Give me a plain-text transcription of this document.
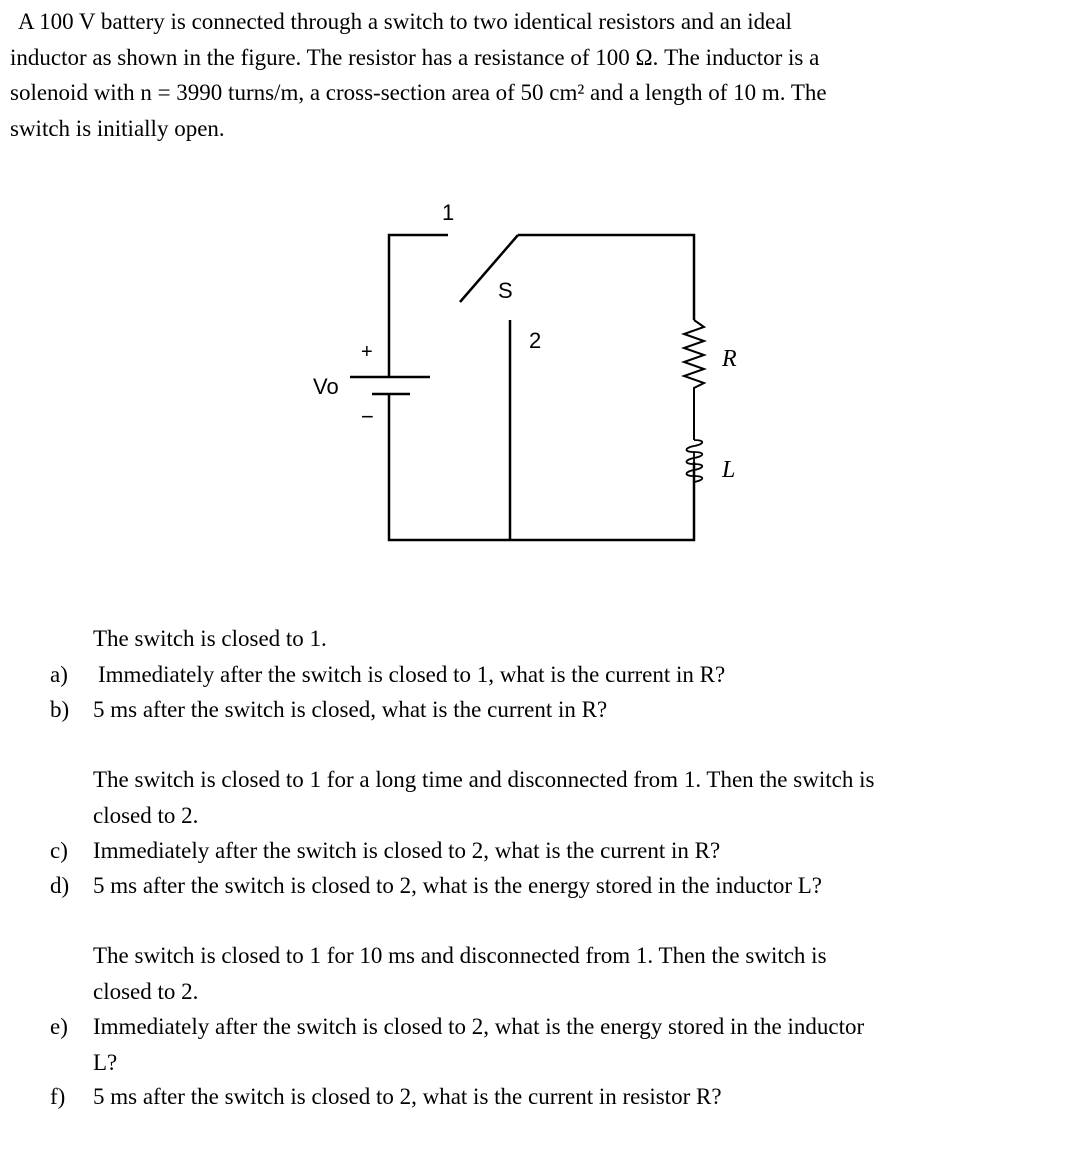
A 100 V battery is connected through a switch to two identical resistors and an ideal
inductor as shown in the figure. The resistor has a resistance of 100 Ω. The inductor is a
solenoid with n = 3990 turns/m, a cross-section area of 50 cm² and a length of 10 m. The
switch is initially open.
1
S
2
+
−
Vo
R
L
The switch is closed to 1.
a) Immediately after the switch is closed to 1, what is the current in R?
b) 5 ms after the switch is closed, what is the current in R?
The switch is closed to 1 for a long time and disconnected from 1. Then the switch is
closed to 2.
c) Immediately after the switch is closed to 2, what is the current in R?
d) 5 ms after the switch is closed to 2, what is the energy stored in the inductor L?
The switch is closed to 1 for 10 ms and disconnected from 1. Then the switch is
closed to 2.
e) Immediately after the switch is closed to 2, what is the energy stored in the inductor
L?
f) 5 ms after the switch is closed to 2, what is the current in resistor R?
